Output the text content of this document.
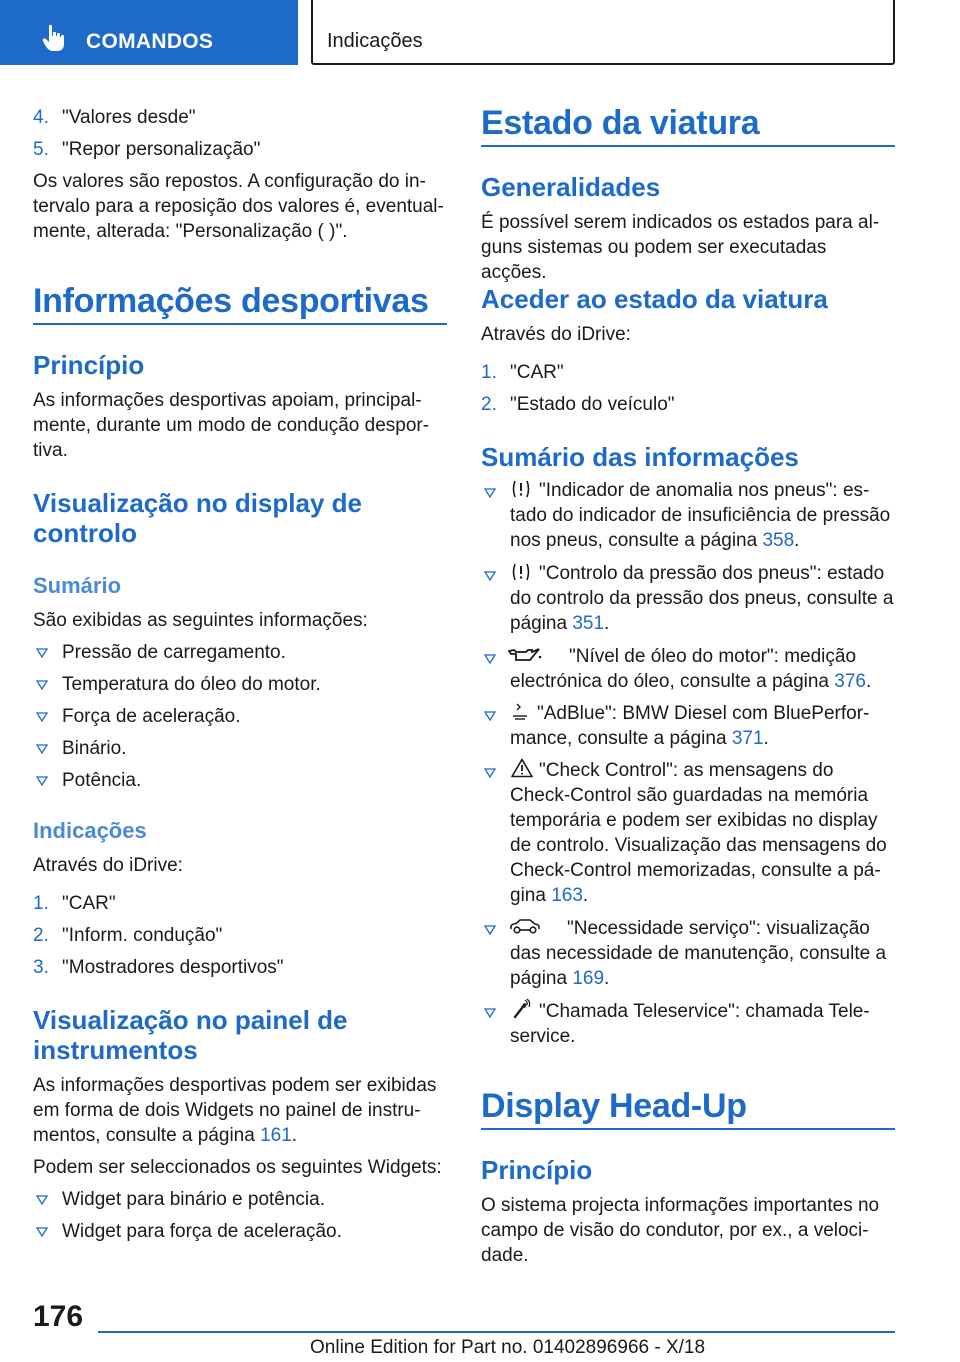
COMANDOS	Indicações
4. "Valores desde"
5. "Repor personalização"
Os valores são repostos. A configuração do in-
tervalo para a reposição dos valores é, eventual-
mente, alterada: "Personalização ( )".
Informações desportivas
Princípio
As informações desportivas apoiam, principal-
mente, durante um modo de condução despor-
tiva.
Visualização no display de
controlo
Sumário
São exibidas as seguintes informações:
Pressão de carregamento.
Temperatura do óleo do motor.
Força de aceleração.
Binário.
Potência.
Indicações
Através do iDrive:
1. "CAR"
2. "Inform. condução"
3. "Mostradores desportivos"
Visualização no painel de
instrumentos
As informações desportivas podem ser exibidas
em forma de dois Widgets no painel de instru-
mentos, consulte a página 161.
Podem ser seleccionados os seguintes Widgets:
Widget para binário e potência.
Widget para força de aceleração.
Estado da viatura
Generalidades
É possível serem indicados os estados para al-
guns sistemas ou podem ser executadas acções.
Aceder ao estado da viatura
Através do iDrive:
1. "CAR"
2. "Estado do veículo"
Sumário das informações
"Indicador de anomalia nos pneus": es-
tado do indicador de insuficiência de pressão
nos pneus, consulte a página 358.
"Controlo da pressão dos pneus": estado
do controlo da pressão dos pneus, consulte a
página 351.
"Nível de óleo do motor": medição
electrónica do óleo, consulte a página 376.
"AdBlue": BMW Diesel com BluePerfor-
mance, consulte a página 371.
"Check Control": as mensagens do
Check-Control são guardadas na memória
temporária e podem ser exibidas no display
de controlo. Visualização das mensagens do
Check-Control memorizadas, consulte a pá-
gina 163.
"Necessidade serviço": visualização
das necessidade de manutenção, consulte a
página 169.
"Chamada Teleservice": chamada Tele-
service.
Display Head-Up
Princípio
O sistema projecta informações importantes no
campo de visão do condutor, por ex., a veloci-
dade.
176
Online Edition for Part no. 01402896966 - X/18
